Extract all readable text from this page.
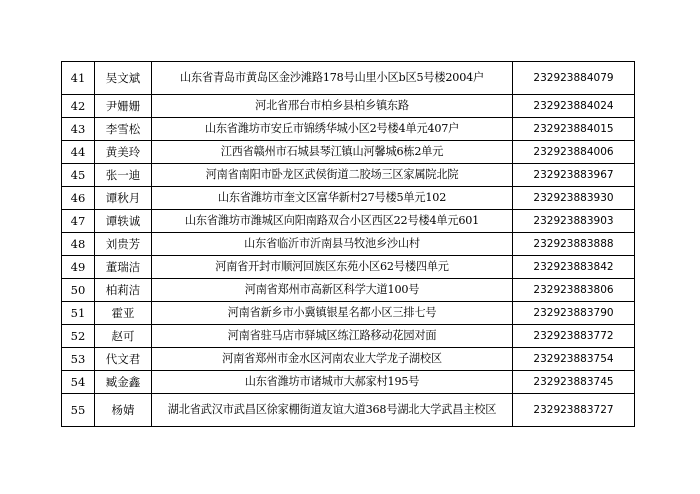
41	吴文斌	山东省青岛市黄岛区金沙滩路178号山里小区b区5号楼2004户	232923884079
42	尹姗姗	河北省邢台市柏乡县柏乡镇东路	232923884024
43	李雪松	山东省潍坊市安丘市锦绣华城小区2号楼4单元407户	232923884015
44	黄美玲	江西省赣州市石城县琴江镇山河馨城6栋2单元	232923884006
45	张一迪	河南省南阳市卧龙区武侯街道二胶场三区家属院北院	232923883967
46	谭秋月	山东省潍坊市奎文区富华新村27号楼5单元102	232923883930
47	谭轶诚	山东省潍坊市潍城区向阳南路双合小区西区22号楼4单元601	232923883903
48	刘贵芳	山东省临沂市沂南县马牧池乡沙山村	232923883888
49	董瑞洁	河南省开封市顺河回族区东苑小区62号楼四单元	232923883842
50	柏莉洁	河南省郑州市高新区科学大道100号	232923883806
51	霍亚	河南省新乡市小冀镇银星名都小区三排七号	232923883790
52	赵可	河南省驻马店市驿城区练江路移动花园对面	232923883772
53	代文君	河南省郑州市金水区河南农业大学龙子湖校区	232923883754
54	臧金鑫	山东省潍坊市诸城市大郝家村195号	232923883745
55	杨婧	湖北省武汉市武昌区徐家棚街道友谊大道368号湖北大学武昌主校区	232923883727
